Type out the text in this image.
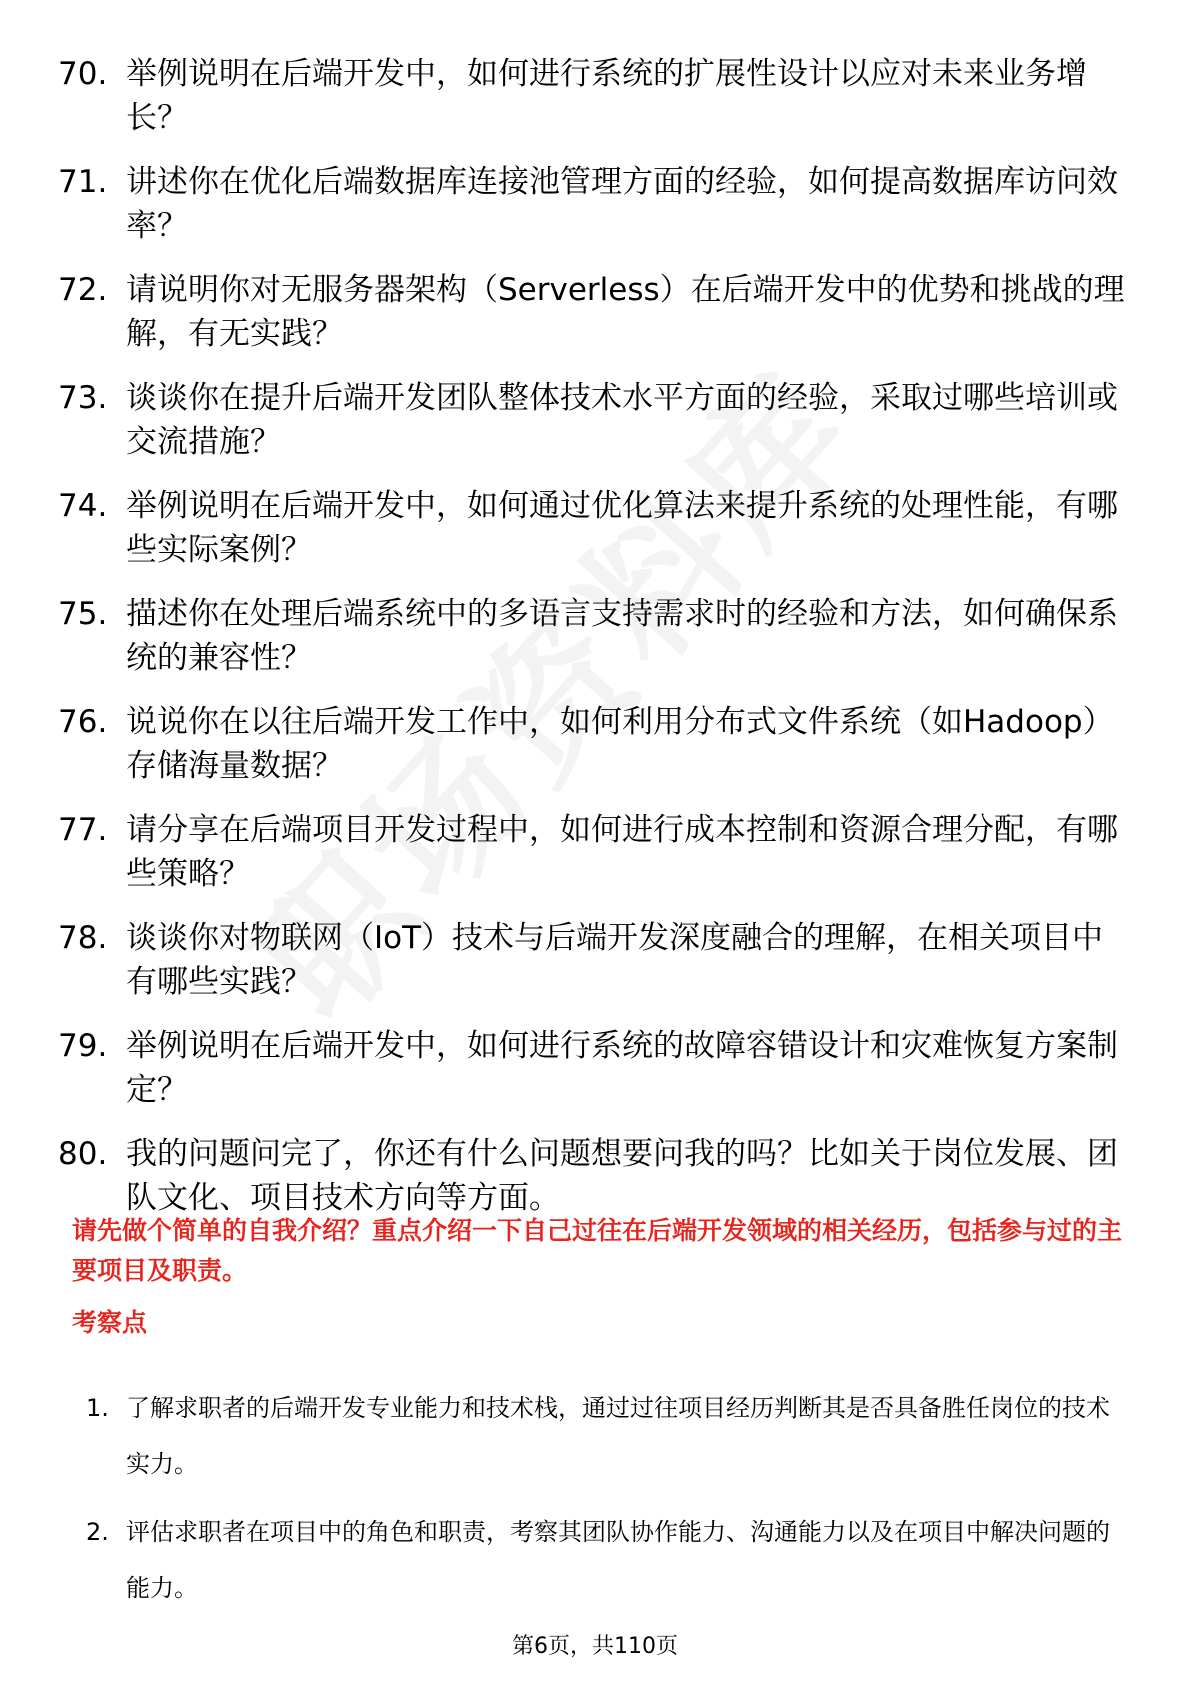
70. 举例说明在后端开发中，如何进行系统的扩展性设计以应对未来业务增长？
71. 讲述你在优化后端数据库连接池管理方面的经验，如何提高数据库访问效率？
72. 请说明你对无服务器架构（Serverless）在后端开发中的优势和挑战的理解，有无实践？
73. 谈谈你在提升后端开发团队整体技术水平方面的经验，采取过哪些培训或交流措施？
74. 举例说明在后端开发中，如何通过优化算法来提升系统的处理性能，有哪些实际案例？
75. 描述你在处理后端系统中的多语言支持需求时的经验和方法，如何确保系统的兼容性？
76. 说说你在以往后端开发工作中，如何利用分布式文件系统（如Hadoop）存储海量数据？
77. 请分享在后端项目开发过程中，如何进行成本控制和资源合理分配，有哪些策略？
78. 谈谈你对物联网（IoT）技术与后端开发深度融合的理解，在相关项目中有哪些实践？
79. 举例说明在后端开发中，如何进行系统的故障容错设计和灾难恢复方案制定？
80. 我的问题问完了，你还有什么问题想要问我的吗？比如关于岗位发展、团队文化、项目技术方向等方面。
请先做个简单的自我介绍？重点介绍一下自己过往在后端开发领域的相关经历，包括参与过的主要项目及职责。
考察点
1. 了解求职者的后端开发专业能力和技术栈，通过过往项目经历判断其是否具备胜任岗位的技术实力。
2. 评估求职者在项目中的角色和职责，考察其团队协作能力、沟通能力以及在项目中解决问题的能力。
第6页，共110页
